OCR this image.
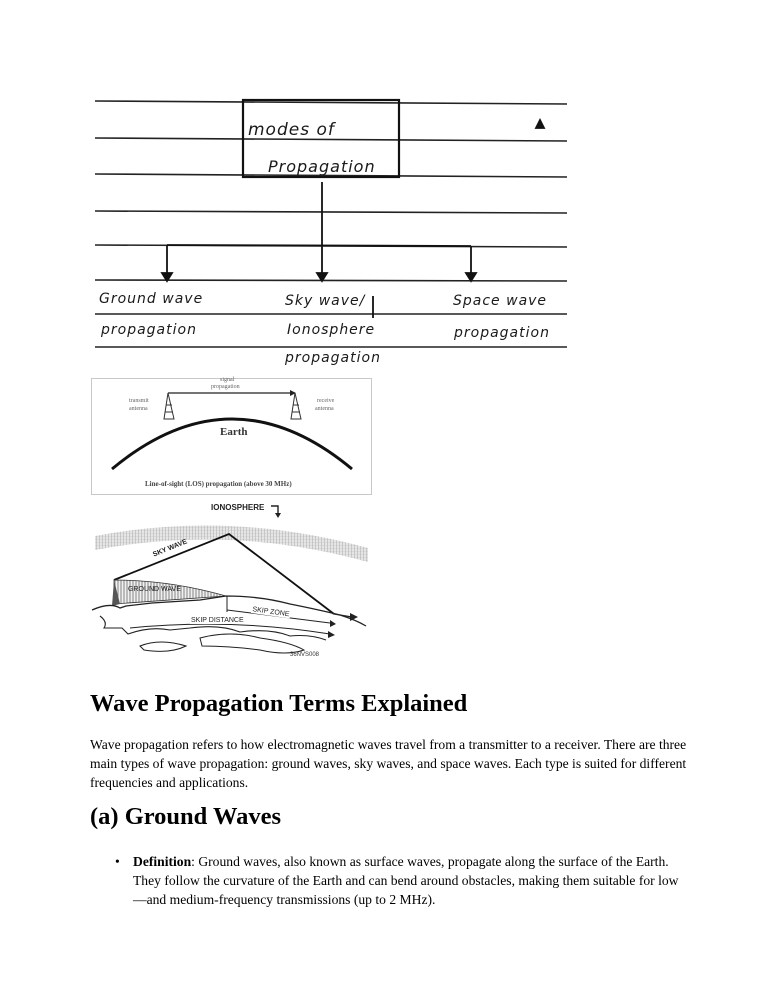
modes of
Propagation
Ground wave
propagation
Sky wave/
Ionosphere
propagation
Space wave
propagation
signal
propagation
transmit
antenna
receive
antenna
Earth
Line-of-sight (LOS) propagation (above 30 MHz)
IONOSPHERE
SKY WAVE
GROUND WAVE
SKIP ZONE
SKIP DISTANCE
36NVS008
Wave Propagation Terms Explained

Wave propagation refers to how electromagnetic waves travel from a transmitter to a receiver. There are three main types of wave propagation: ground waves, sky waves, and space waves. Each type is suited for different frequencies and applications.

(a) Ground Waves
• Definition: Ground waves, also known as surface waves, propagate along the surface of the Earth. They follow the curvature of the Earth and can bend around obstacles, making them suitable for low—and medium-frequency transmissions (up to 2 MHz).
